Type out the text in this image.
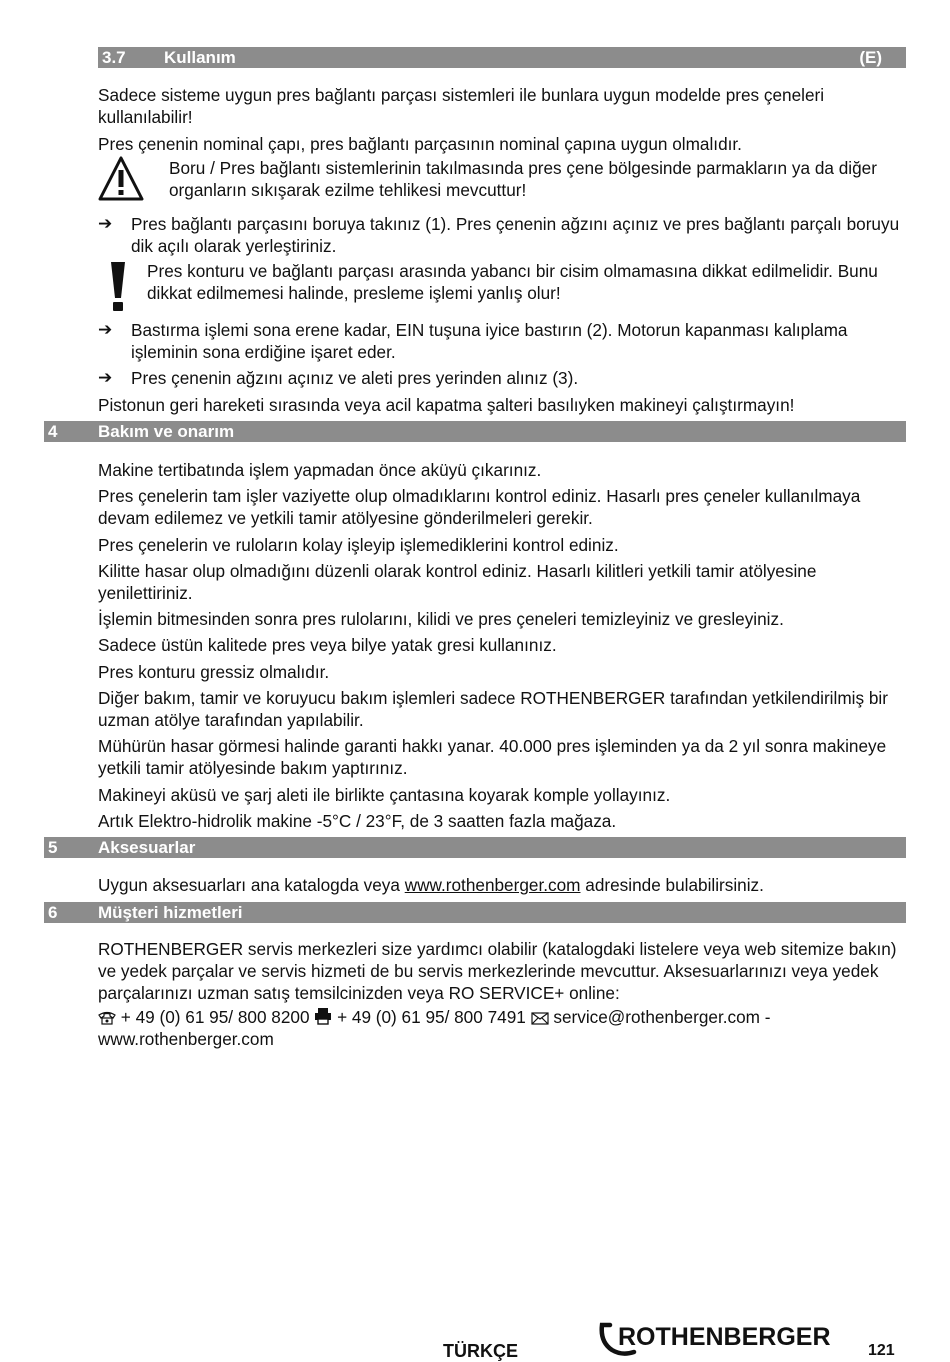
3.7 Kullanım	(E)
Sadece sisteme uygun pres bağlantı parçası sistemleri ile bunlara uygun modelde pres çeneleri kullanılabilir!
Pres çenenin nominal çapı, pres bağlantı parçasının nominal çapına uygun olmalıdır.
Boru / Pres bağlantı sistemlerinin takılmasında pres çene bölgesinde parmakların ya da diğer organların sıkışarak ezilme tehlikesi mevcuttur!
➔ Pres bağlantı parçasını boruya takınız (1). Pres çenenin ağzını açınız ve pres bağlantı parçalı boruyu dik açılı olarak yerleştiriniz.
Pres konturu ve bağlantı parçası arasında yabancı bir cisim olmamasına dikkat edilmelidir. Bunu dikkat edilmemesi halinde, presleme işlemi yanlış olur!
➔ Bastırma işlemi sona erene kadar, EIN tuşuna iyice bastırın (2). Motorun kapanması kalıplama işleminin sona erdiğine işaret eder.
➔ Pres çenenin ağzını açınız ve aleti pres yerinden alınız (3).
Pistonun geri hareketi sırasında veya acil kapatma şalteri basılıyken makineyi çalıştırmayın!
4 Bakım ve onarım
Makine tertibatında işlem yapmadan önce aküyü çıkarınız.
Pres çenelerin tam işler vaziyette olup olmadıklarını kontrol ediniz. Hasarlı pres çeneler kullanılmaya devam edilemez ve yetkili tamir atölyesine gönderilmeleri gerekir.
Pres çenelerin ve ruloların kolay işleyip işlemediklerini kontrol ediniz.
Kilitte hasar olup olmadığını düzenli olarak kontrol ediniz. Hasarlı kilitleri yetkili tamir atölyesine yenilettiriniz.
İşlemin bitmesinden sonra pres rulolarını, kilidi ve pres çeneleri temizleyiniz ve gresleyiniz.
Sadece üstün kalitede pres veya bilye yatak gresi kullanınız.
Pres konturu gressiz olmalıdır.
Diğer bakım, tamir ve koruyucu bakım işlemleri sadece ROTHENBERGER tarafından yetkilendirilmiş bir uzman atölye tarafından yapılabilir.
Mühürün hasar görmesi halinde garanti hakkı yanar. 40.000 pres işleminden ya da 2 yıl sonra makineye yetkili tamir atölyesinde bakım yaptırınız.
Makineyi aküsü ve şarj aleti ile birlikte çantasına koyarak komple yollayınız.
Artık Elektro-hidrolik makine -5°C / 23°F, de 3 saatten fazla mağaza.
5 Aksesuarlar
Uygun aksesuarları ana katalogda veya www.rothenberger.com adresinde bulabilirsiniz.
6 Müşteri hizmetleri
ROTHENBERGER servis merkezleri size yardımcı olabilir (katalogdaki listelere veya web sitemize bakın) ve yedek parçalar ve servis hizmeti de bu servis merkezlerinde mevcuttur. Aksesuarlarınızı veya yedek parçalarınızı uzman satış temsilcinizden veya RO SERVICE+ online:
+ 49 (0) 61 95/ 800 8200  + 49 (0) 61 95/ 800 7491  service@rothenberger.com -
www.rothenberger.com
TÜRKÇE	ROTHENBERGER 121
